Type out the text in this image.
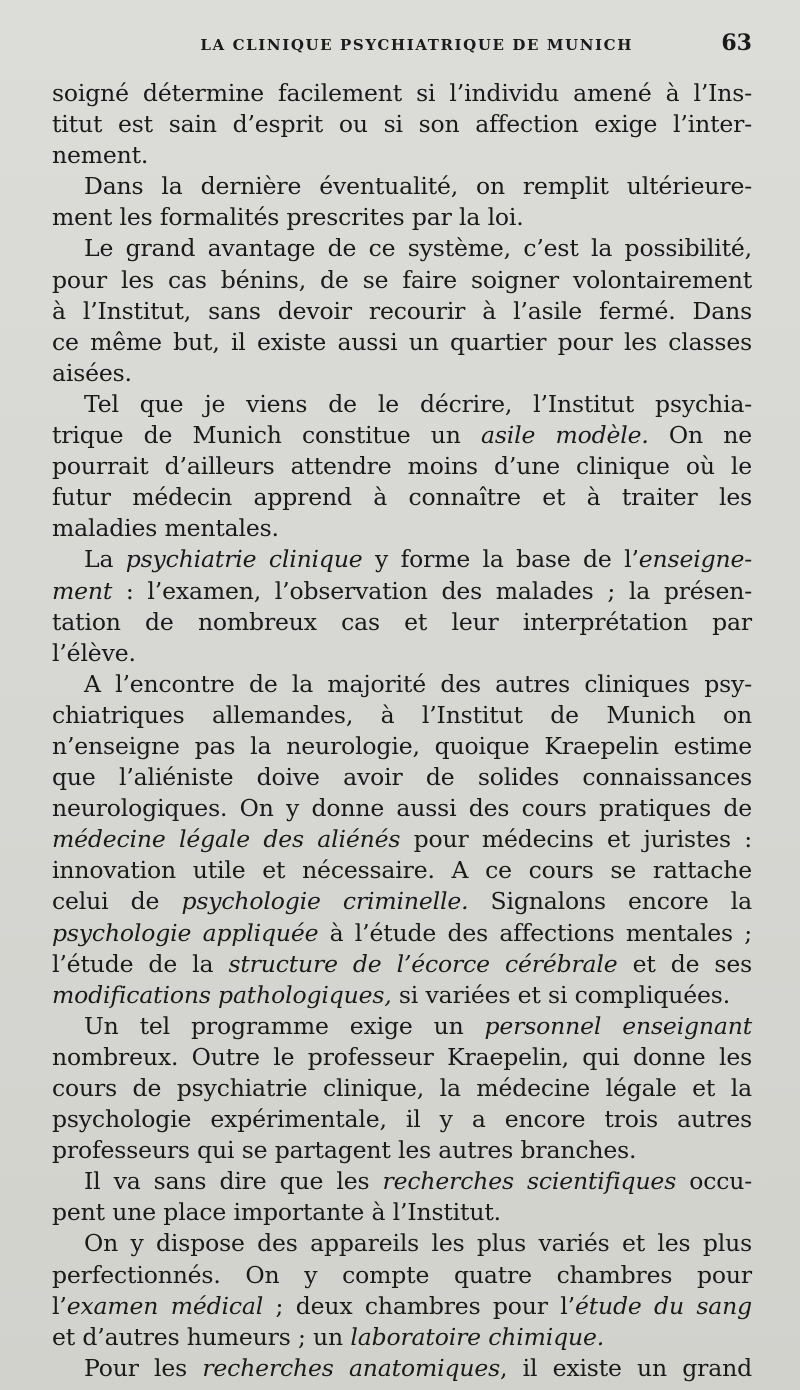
LA CLINIQUE PSYCHIATRIQUE DE MUNICH	63

soigné détermine facilement si l’individu amené à l’Ins-
titut est sain d’esprit ou si son affection exige l’inter-
nement.

Dans la dernière éventualité, on remplit ultérieure-
ment les formalités prescrites par la loi.

Le grand avantage de ce système, c’est la possibilité,
pour les cas bénins, de se faire soigner volontairement
à l’Institut, sans devoir recourir à l’asile fermé. Dans
ce même but, il existe aussi un quartier pour les classes
aisées.

Tel que je viens de le décrire, l’Institut psychia-
trique de Munich constitue un asile modèle. On ne
pourrait d’ailleurs attendre moins d’une clinique où le
futur médecin apprend à connaître et à traiter les
maladies mentales.

La psychiatrie clinique y forme la base de l’enseigne-
ment : l’examen, l’observation des malades ; la présen-
tation de nombreux cas et leur interprétation par
l’élève.

A l’encontre de la majorité des autres cliniques psy-
chiatriques allemandes, à l’Institut de Munich on
n’enseigne pas la neurologie, quoique Kraepelin estime
que l’aliéniste doive avoir de solides connaissances
neurologiques. On y donne aussi des cours pratiques de
médecine légale des aliénés pour médecins et juristes :
innovation utile et nécessaire. A ce cours se rattache
celui de psychologie criminelle. Signalons encore la
psychologie appliquée à l’étude des affections mentales ;
l’étude de la structure de l’écorce cérébrale et de ses
modifications pathologiques, si variées et si compliquées.

Un tel programme exige un personnel enseignant
nombreux. Outre le professeur Kraepelin, qui donne les
cours de psychiatrie clinique, la médecine légale et la
psychologie expérimentale, il y a encore trois autres
professeurs qui se partagent les autres branches.

Il va sans dire que les recherches scientifiques occu-
pent une place importante à l’Institut.

On y dispose des appareils les plus variés et les plus
perfectionnés. On y compte quatre chambres pour
l’examen médical ; deux chambres pour l’étude du sang
et d’autres humeurs ; un laboratoire chimique.

Pour les recherches anatomiques, il existe un grand
